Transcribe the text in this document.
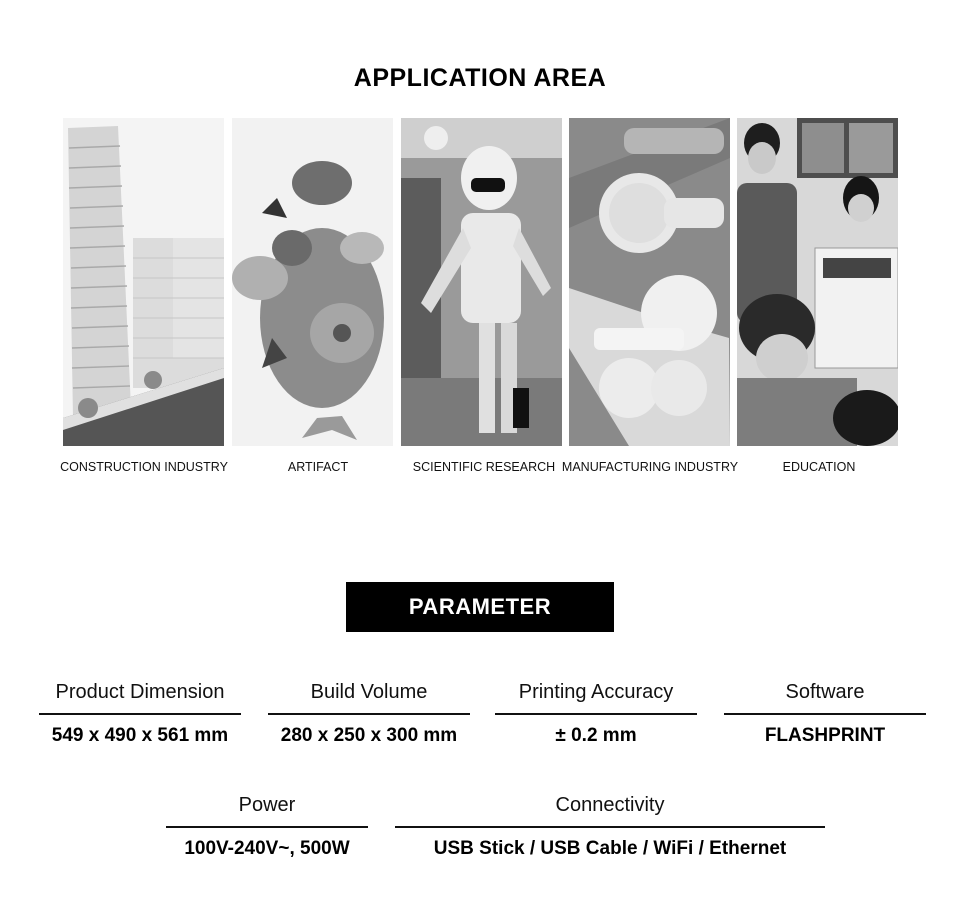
APPLICATION AREA
CONSTRUCTION INDUSTRY	ARTIFACT	SCIENTIFIC RESEARCH MANUFACTURING INDUSTRY	EDUCATION
PARAMETER
Product Dimension
549 x 490 x 561 mm
Build Volume
280 x 250 x 300 mm
Printing Accuracy
± 0.2 mm
Software
FLASHPRINT
Power
100V-240V~, 500W
Connectivity
USB Stick / USB Cable / WiFi / Ethernet
